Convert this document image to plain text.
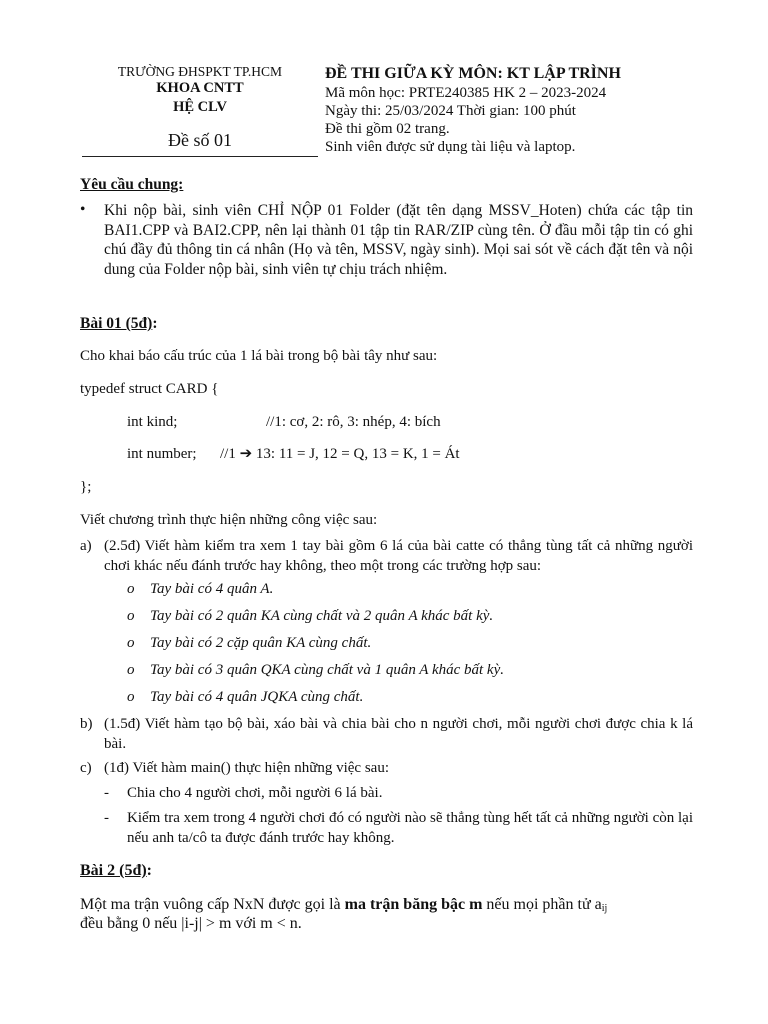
TRƯỜNG ĐHSPKT TP.HCM
KHOA CNTT
HỆ CLV
Đề số 01
ĐỀ THI GIỮA KỲ MÔN: KT LẬP TRÌNH
Mã môn học: PRTE240385 HK 2 – 2023-2024
Ngày thi: 25/03/2024 Thời gian: 100 phút
Đề thi gồm 02 trang.
Sinh viên được sử dụng tài liệu và laptop.
Yêu cầu chung:
• Khi nộp bài, sinh viên CHỈ NỘP 01 Folder (đặt tên dạng MSSV_Hoten) chứa các tập tin BAI1.CPP và BAI2.CPP, nên lại thành 01 tập tin RAR/ZIP cùng tên. Ở đầu mỗi tập tin có ghi chú đầy đủ thông tin cá nhân (Họ và tên, MSSV, ngày sinh). Mọi sai sót về cách đặt tên và nội dung của Folder nộp bài, sinh viên tự chịu trách nhiệm.
Bài 01 (5đ):
Cho khai báo cấu trúc của 1 lá bài trong bộ bài tây như sau:
typedef struct CARD {
int kind;	//1: cơ, 2: rô, 3: nhép, 4: bích
int number; //1 ➔ 13: 11 = J, 12 = Q, 13 = K, 1 = Át
};
Viết chương trình thực hiện những công việc sau:
a) (2.5đ) Viết hàm kiểm tra xem 1 tay bài gồm 6 lá của bài catte có thẳng tùng tất cả những người chơi khác nếu đánh trước hay không, theo một trong các trường hợp sau:
o Tay bài có 4 quân A.
o Tay bài có 2 quân KA cùng chất và 2 quân A khác bất kỳ.
o Tay bài có 2 cặp quân KA cùng chất.
o Tay bài có 3 quân QKA cùng chất và 1 quân A khác bất kỳ.
o Tay bài có 4 quân JQKA cùng chất.
b) (1.5đ) Viết hàm tạo bộ bài, xáo bài và chia bài cho n người chơi, mỗi người chơi được chia k lá bài.
c) (1đ) Viết hàm main() thực hiện những việc sau:
- Chia cho 4 người chơi, mỗi người 6 lá bài.
- Kiểm tra xem trong 4 người chơi đó có người nào sẽ thẳng tùng hết tất cả những người còn lại nếu anh ta/cô ta được đánh trước hay không.
Bài 2 (5đ):
Một ma trận vuông cấp NxN được gọi là ma trận băng bậc m nếu mọi phần tử $a_{ij}$
đều bằng 0 nếu |i-j| > m với m < n.
